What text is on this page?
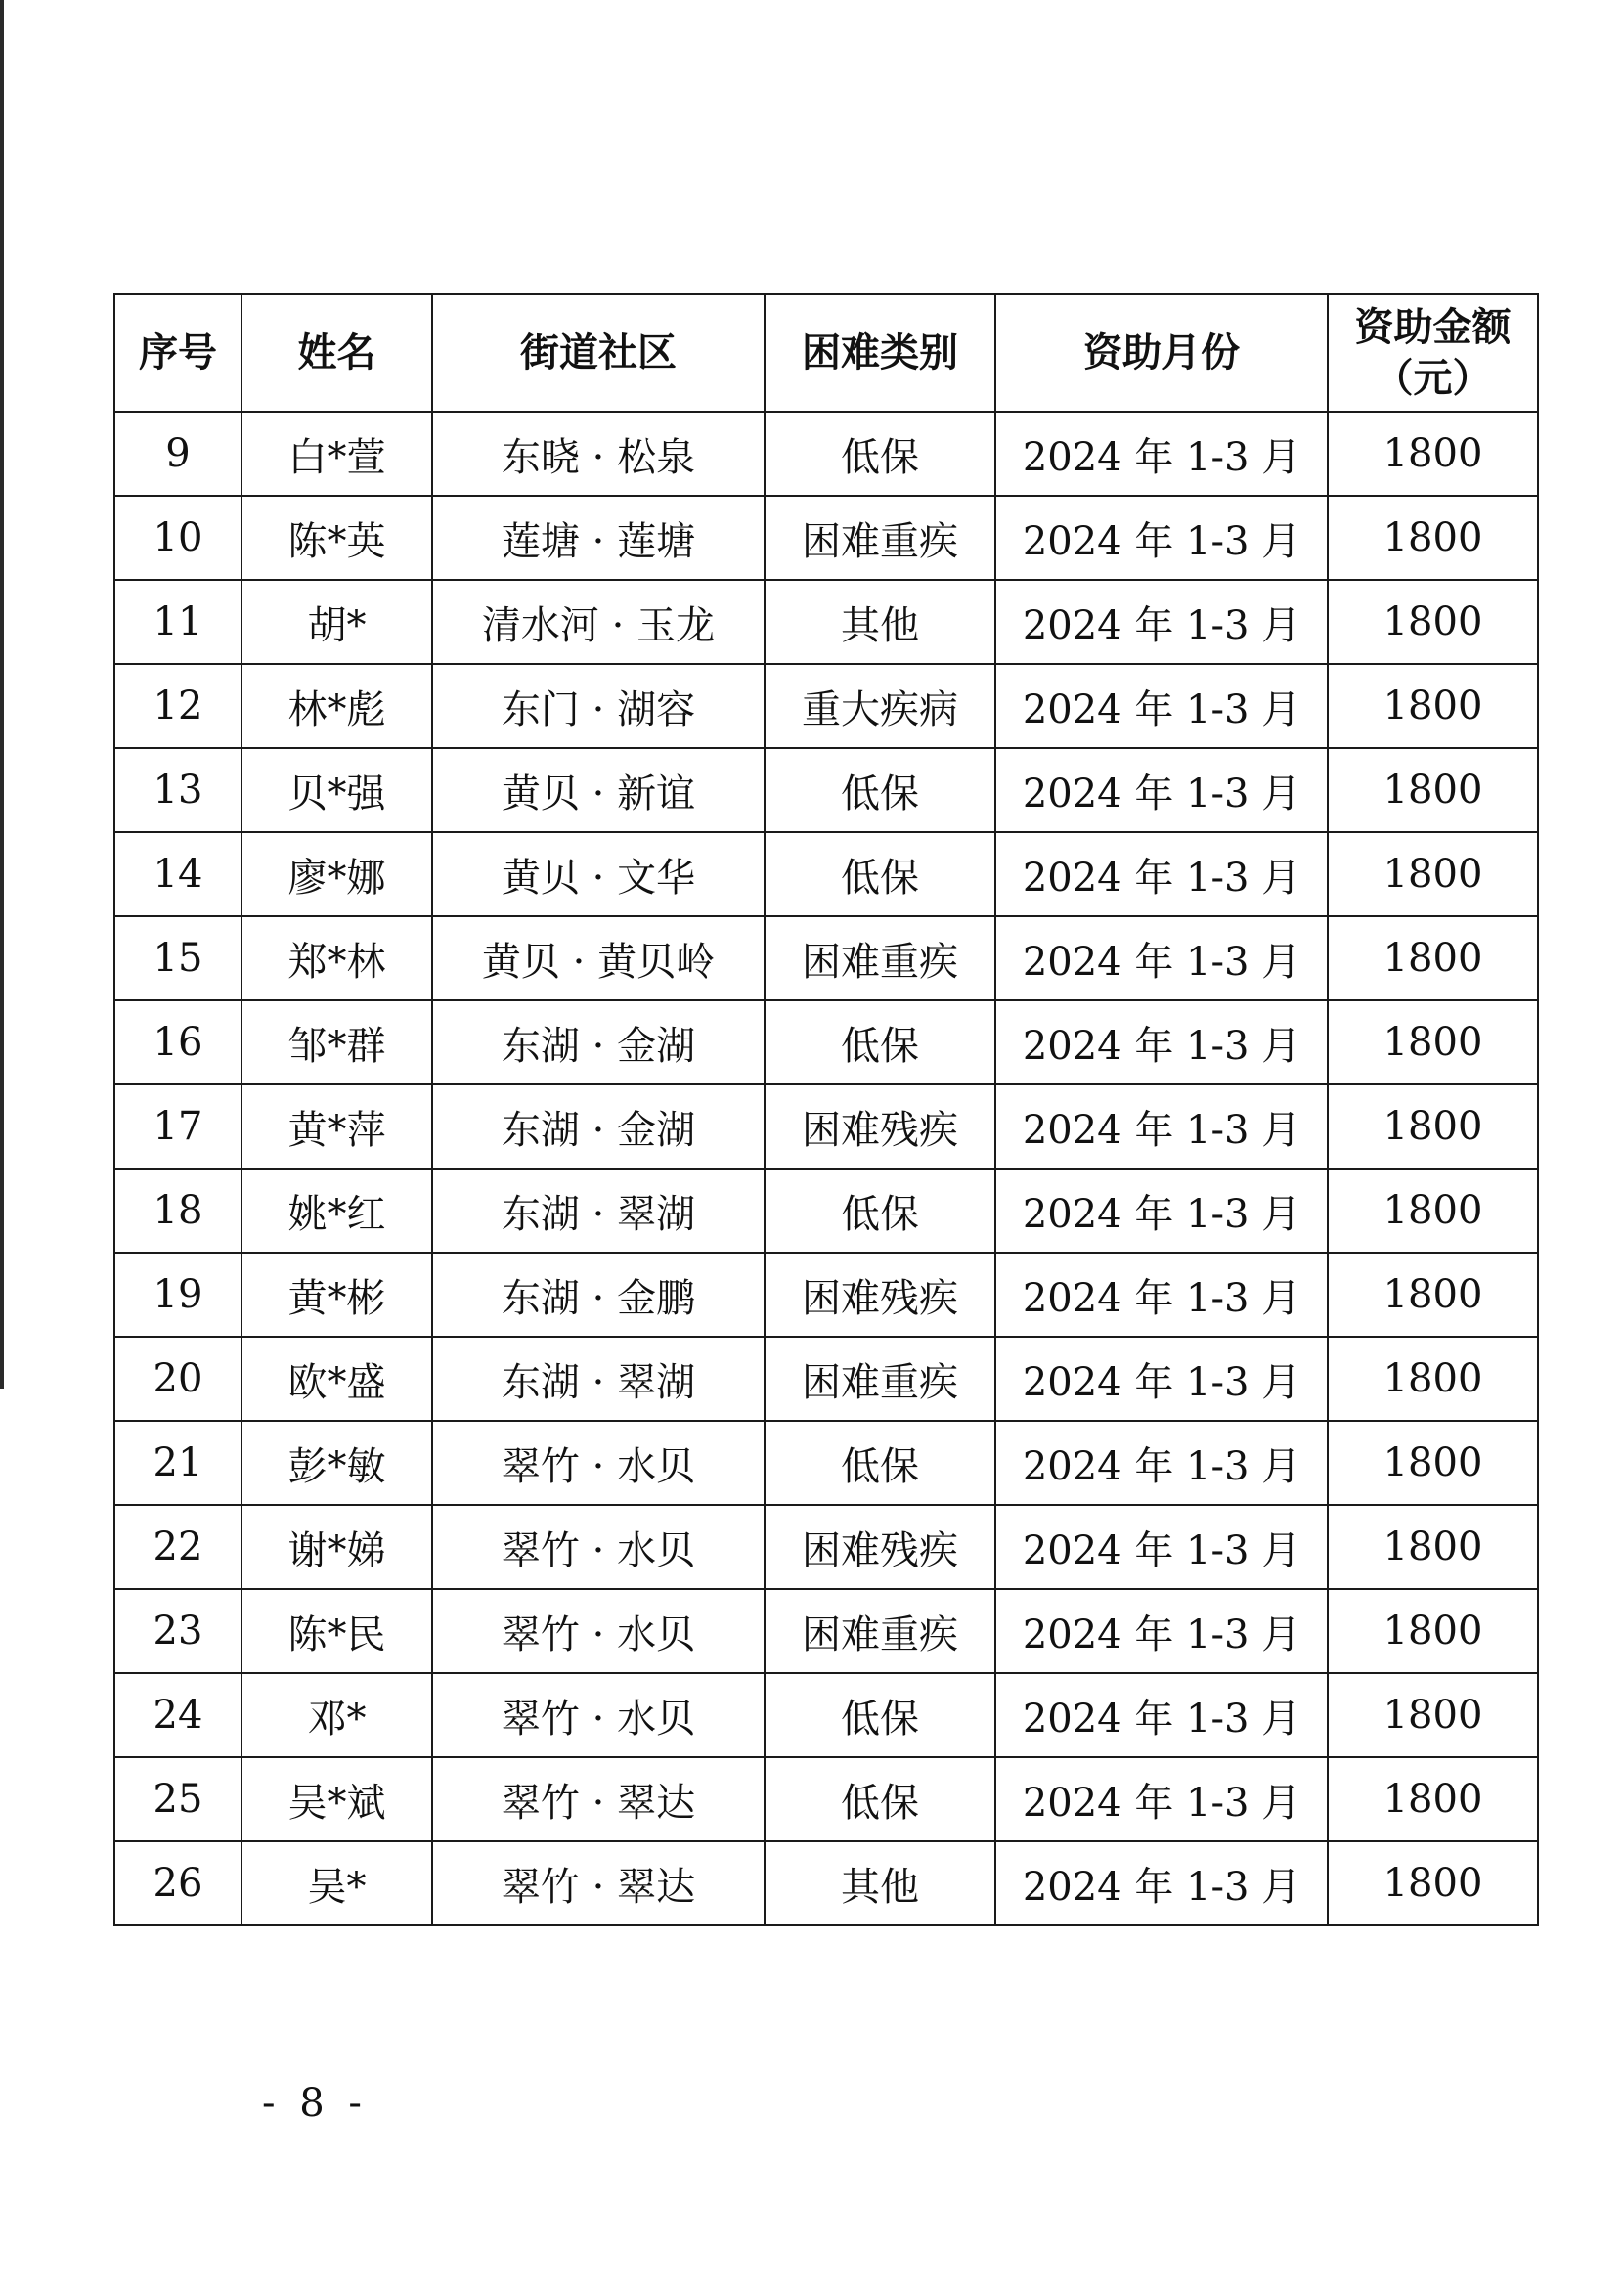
序号	姓名	街道社区	困难类别	资助月份	资助金额
（元）

9	白*萱	东晓 · 松泉	低保	2024 年 1-3 月	1800
10	陈*英	莲塘 · 莲塘	困难重疾	2024 年 1-3 月	1800
11	胡*	清水河 · 玉龙	其他	2024 年 1-3 月	1800
12	林*彪	东门 · 湖容	重大疾病	2024 年 1-3 月	1800
13	贝*强	黄贝 · 新谊	低保	2024 年 1-3 月	1800
14	廖*娜	黄贝 · 文华	低保	2024 年 1-3 月	1800
15	郑*林	黄贝 · 黄贝岭	困难重疾	2024 年 1-3 月	1800
16	邹*群	东湖 · 金湖	低保	2024 年 1-3 月	1800
17	黄*萍	东湖 · 金湖	困难残疾	2024 年 1-3 月	1800
18	姚*红	东湖 · 翠湖	低保	2024 年 1-3 月	1800
19	黄*彬	东湖 · 金鹏	困难残疾	2024 年 1-3 月	1800
20	欧*盛	东湖 · 翠湖	困难重疾	2024 年 1-3 月	1800
21	彭*敏	翠竹 · 水贝	低保	2024 年 1-3 月	1800
22	谢*娣	翠竹 · 水贝	困难残疾	2024 年 1-3 月	1800
23	陈*民	翠竹 · 水贝	困难重疾	2024 年 1-3 月	1800
24	邓*	翠竹 · 水贝	低保	2024 年 1-3 月	1800
25	吴*斌	翠竹 · 翠达	低保	2024 年 1-3 月	1800
26	吴*	翠竹 · 翠达	其他	2024 年 1-3 月	1800
- 8 -
